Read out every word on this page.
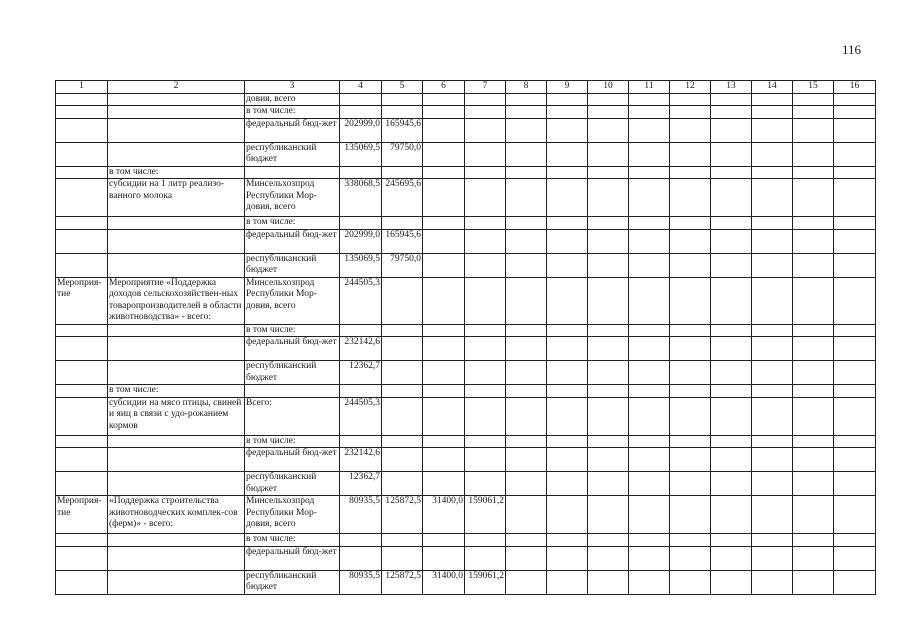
116
1	2	3	4	5	6	7	8	9	10	11	12	13	14	15	16
		довия, всего													
		в том числе:													
		федеральный бюд-жет	202999,0	165945,6											
		республиканский бюджет	135069,5	79750,0											
	в том числе:														
	субсидии на 1 литр реализо-ванного молока	Минсельхозпрод Республики Мор-довия, всего	338068,5	245695,6											
		в том числе:													
		федеральный бюд-жет	202999,0	165945,6											
		республиканский бюджет	135069,5	79750,0											
Мероприя-тие	Мероприятие «Поддержка доходов сельскохозяйствен-ных товаропроизводителей в области животноводства» - всего:	Минсельхозпрод Республики Мор-довия, всего	244505,3												
		в том числе:													
		федеральный бюд-жет	232142,6												
		республиканский бюджет	12362,7												
	в том числе:														
	субсидии на мясо птицы, свиней и яиц в связи с удо-рожанием кормов	Всего:	244505,3												
		в том числе:													
		федеральный бюд-жет	232142,6												
		республиканский бюджет	12362,7												
Мероприя-тие	«Поддержка строительства животноводческих комплек-сов (ферм)» - всего:	Минсельхозпрод Республики Мор-довия, всего	80935,5	125872,5	31400,0	159061,2									
		в том числе:													
		федеральный бюд-жет													
		республиканский бюджет	80935,5	125872,5	31400,0	159061,2									
